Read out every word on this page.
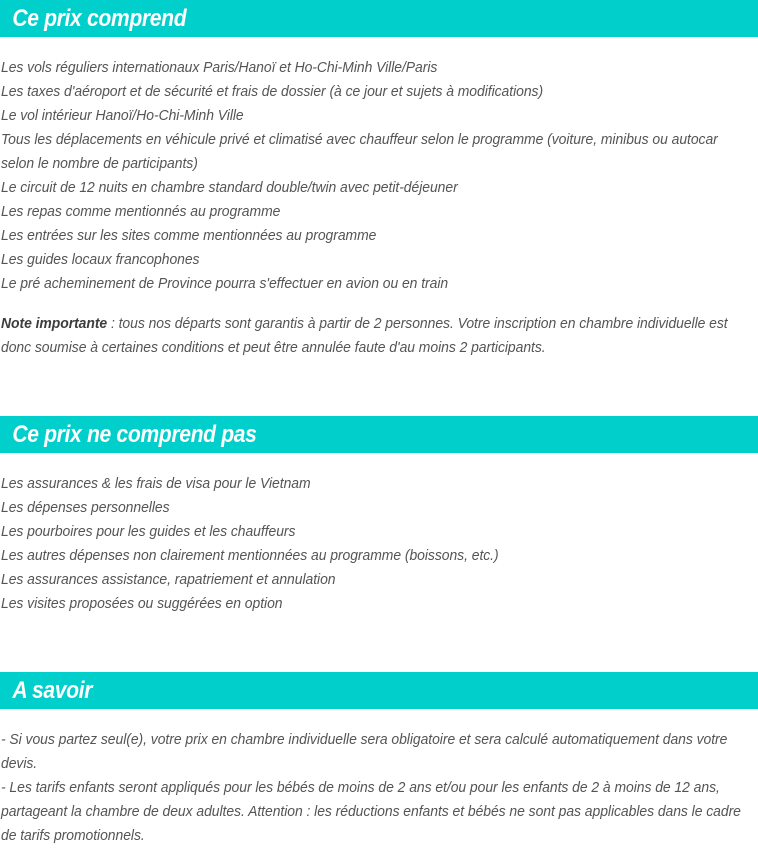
Ce prix comprend
Les vols réguliers internationaux Paris/Hanoï et Ho-Chi-Minh Ville/Paris
Les taxes d'aéroport et de sécurité et frais de dossier (à ce jour et sujets à modifications)
Le vol intérieur Hanoï/Ho-Chi-Minh Ville
Tous les déplacements en véhicule privé et climatisé avec chauffeur selon le programme (voiture, minibus ou autocar selon le nombre de participants)
Le circuit de 12 nuits en chambre standard double/twin avec petit-déjeuner
Les repas comme mentionnés au programme
Les entrées sur les sites comme mentionnées au programme
Les guides locaux francophones
Le pré acheminement de Province pourra s'effectuer en avion ou en train
Note importante : tous nos départs sont garantis à partir de 2 personnes. Votre inscription en chambre individuelle est donc soumise à certaines conditions et peut être annulée faute d'au moins 2 participants.
Ce prix ne comprend pas
Les assurances & les frais de visa pour le Vietnam
Les dépenses personnelles
Les pourboires pour les guides et les chauffeurs
Les autres dépenses non clairement mentionnées au programme (boissons, etc.)
Les assurances assistance, rapatriement et annulation
Les visites proposées ou suggérées en option
A savoir
- Si vous partez seul(e), votre prix en chambre individuelle sera obligatoire et sera calculé automatiquement dans votre devis.
- Les tarifs enfants seront appliqués pour les bébés de moins de 2 ans et/ou pour les enfants de 2 à moins de 12 ans, partageant la chambre de deux adultes. Attention : les réductions enfants et bébés ne sont pas applicables dans le cadre de tarifs promotionnels.
